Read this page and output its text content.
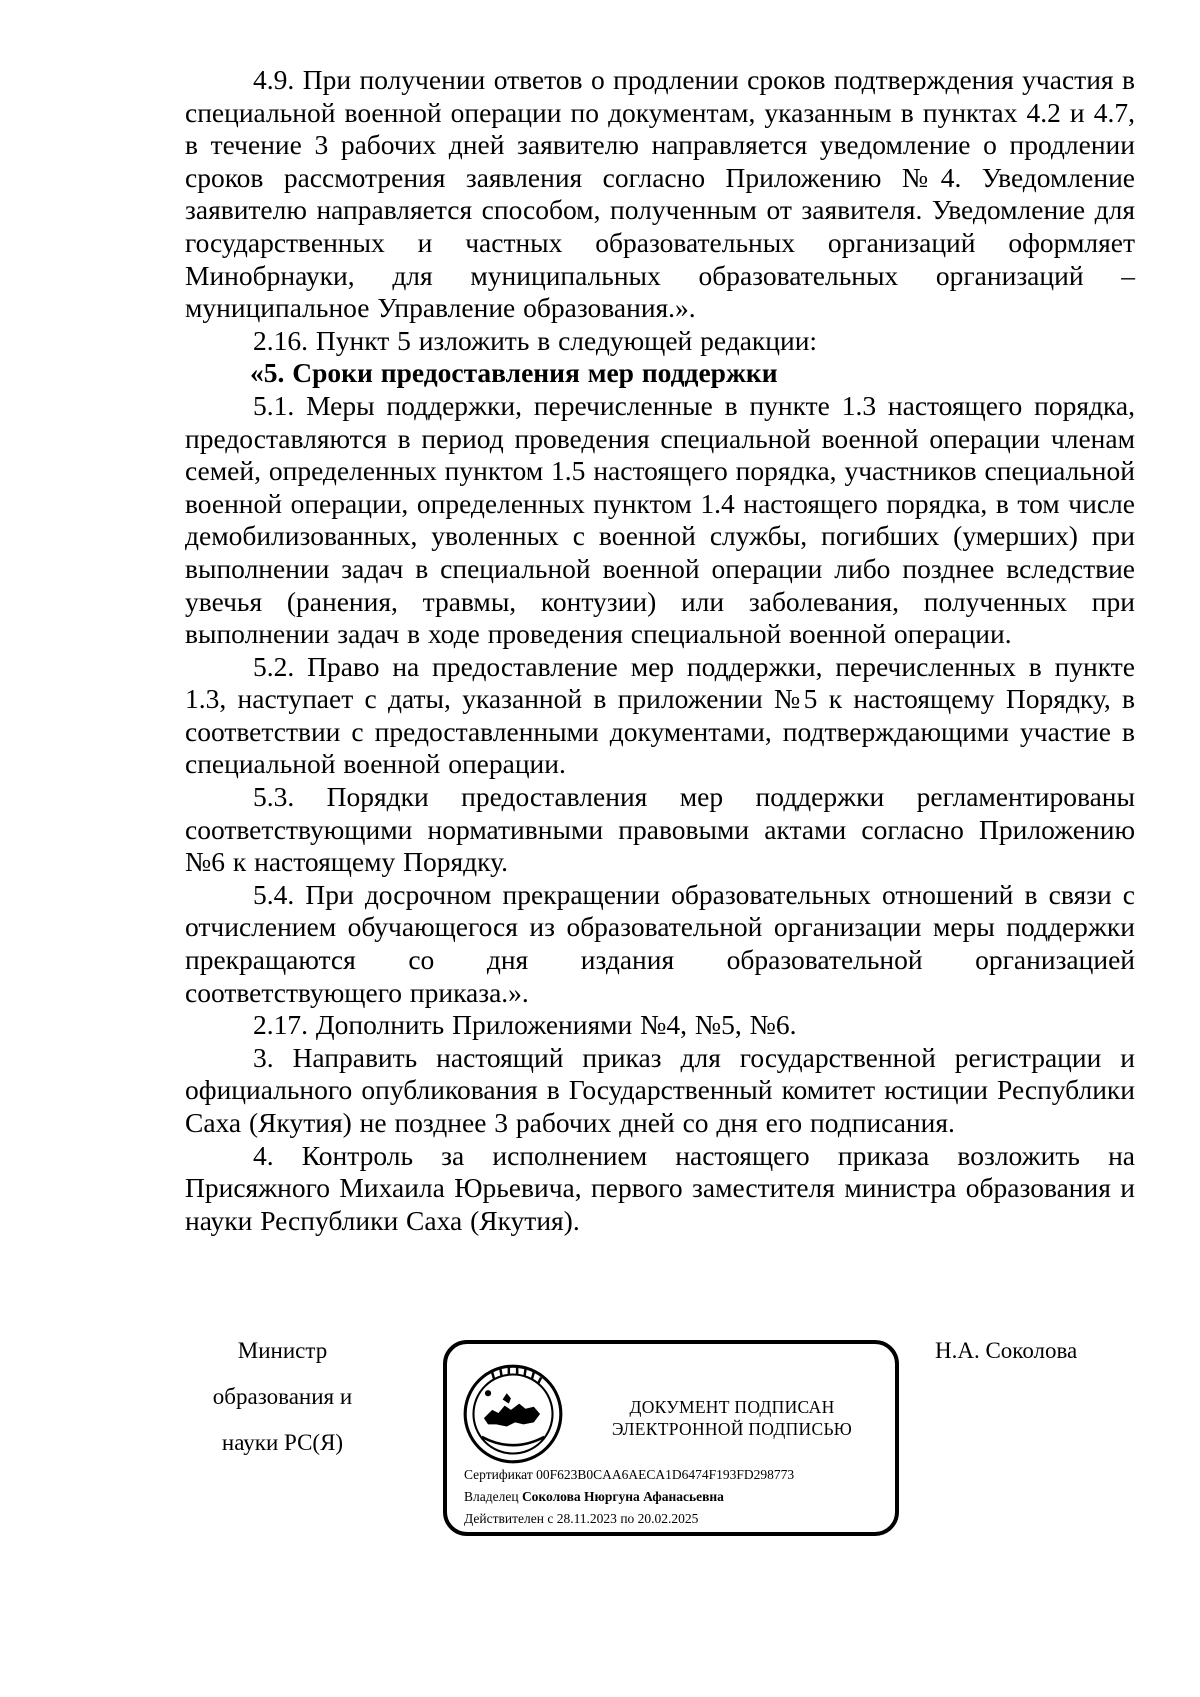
4.9. При получении ответов о продлении сроков подтверждения участия в специальной военной операции по документам, указанным в пунктах 4.2 и 4.7, в течение 3 рабочих дней заявителю направляется уведомление о продлении сроков рассмотрения заявления согласно Приложению №4. Уведомление заявителю направляется способом, полученным от заявителя. Уведомление для государственных и частных образовательных организаций оформляет Минобрнауки, для муниципальных образовательных организаций – муниципальное Управление образования.».

2.16. Пункт 5 изложить в следующей редакции:

«5. Сроки предоставления мер поддержки

5.1. Меры поддержки, перечисленные в пункте 1.3 настоящего порядка, предоставляются в период проведения специальной военной операции членам семей, определенных пунктом 1.5 настоящего порядка, участников специальной военной операции, определенных пунктом 1.4 настоящего порядка, в том числе демобилизованных, уволенных с военной службы, погибших (умерших) при выполнении задач в специальной военной операции либо позднее вследствие увечья (ранения, травмы, контузии) или заболевания, полученных при выполнении задач в ходе проведения специальной военной операции.

5.2. Право на предоставление мер поддержки, перечисленных в пункте 1.3, наступает с даты, указанной в приложении №5 к настоящему Порядку, в соответствии с предоставленными документами, подтверждающими участие в специальной военной операции.

5.3. Порядки предоставления мер поддержки регламентированы соответствующими нормативными правовыми актами согласно Приложению №6 к настоящему Порядку.

5.4. При досрочном прекращении образовательных отношений в связи с отчислением обучающегося из образовательной организации меры поддержки прекращаются со дня издания образовательной организацией соответствующего приказа.».

2.17. Дополнить Приложениями №4, №5, №6.

3. Направить настоящий приказ для государственной регистрации и официального опубликования в Государственный комитет юстиции Республики Саха (Якутия) не позднее 3 рабочих дней со дня его подписания.

4. Контроль за исполнением настоящего приказа возложить на Присяжного Михаила Юрьевича, первого заместителя министра образования и науки Республики Саха (Якутия).

Министр
образования и
науки РС(Я)
ДОКУМЕНТ ПОДПИСАН
ЭЛЕКТРОННОЙ ПОДПИСЬЮ
Сертификат 00F623B0CAA6AECA1D6474F193FD298773
Владелец Соколова Нюргуна Афанасьевна
Действителен с 28.11.2023 по 20.02.2025
Н.А. Соколова
